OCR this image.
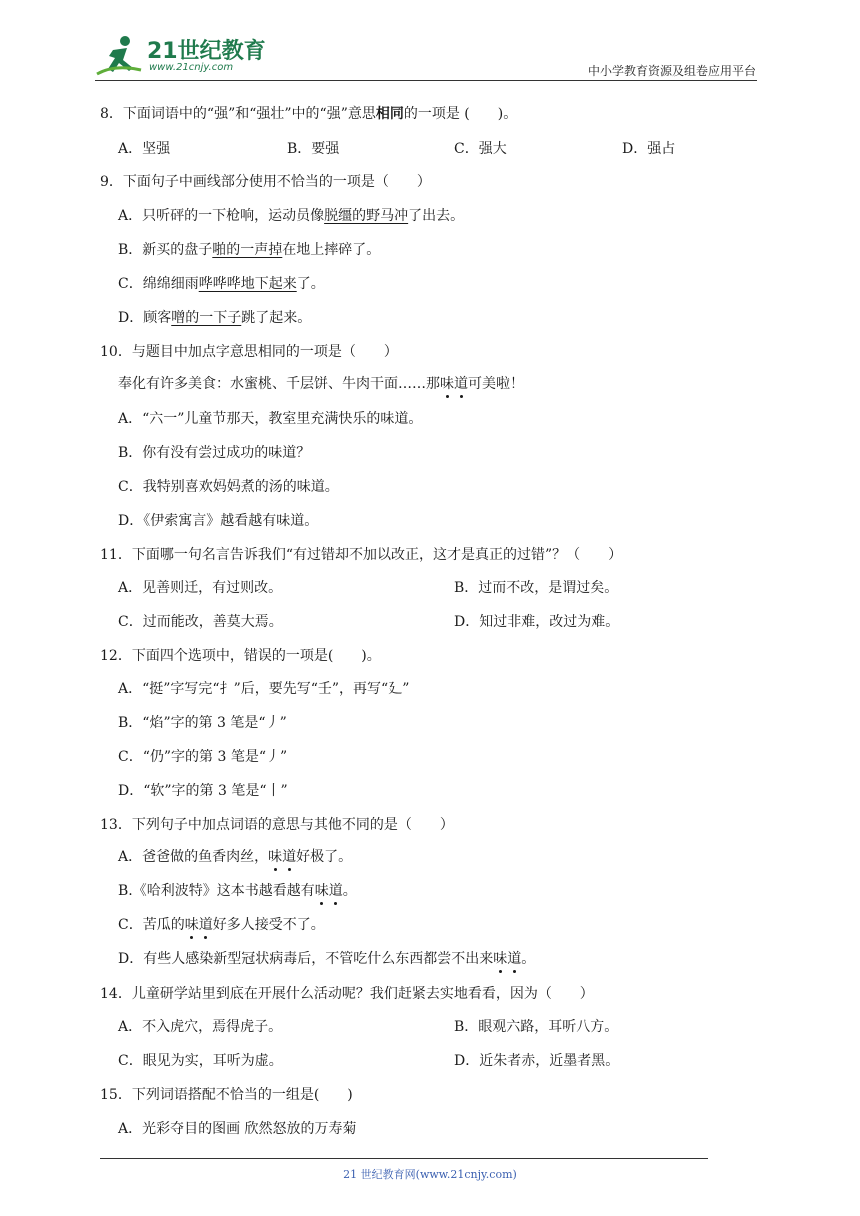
21世纪教育
www.21cnjy.com	中小学教育资源及组卷应用平台
8．下面词语中的“强”和“强壮”中的“强”意思相同的一项是 (　　)。
A．坚强	B．要强	C．强大	D．强占
9．下面句子中画线部分使用不恰当的一项是（　　）
A．只听砰的一下枪响，运动员像脱缰的野马冲了出去。
B．新买的盘子啪的一声掉在地上摔碎了。
C．绵绵细雨哗哗哗地下起来了。
D．顾客噌的一下子跳了起来。
10．与题目中加点字意思相同的一项是（　　）
奉化有许多美食：水蜜桃、千层饼、牛肉干面……那味道可美啦！
A．“六一”儿童节那天，教室里充满快乐的味道。
B．你有没有尝过成功的味道？
C．我特别喜欢妈妈煮的汤的味道。
D．《伊索寓言》越看越有味道。
11．下面哪一句名言告诉我们“有过错却不加以改正，这才是真正的过错”？（　　）
A．见善则迁，有过则改。	B．过而不改，是谓过矣。
C．过而能改，善莫大焉。	D．知过非难，改过为难。
12．下面四个选项中，错误的一项是(　　)。
A．“挺”字写完“扌”后，要先写“壬”，再写“廴”
B．“焰”字的第 3 笔是“丿”
C．“仍”字的第 3 笔是“丿”
D．“软”字的第 3 笔是“丨”
13．下列句子中加点词语的意思与其他不同的是（　　）
A．爸爸做的鱼香肉丝，味道好极了。
B.《哈利波特》这本书越看越有味道。
C．苦瓜的味道好多人接受不了。
D．有些人感染新型冠状病毒后，不管吃什么东西都尝不出来味道。
14．儿童研学站里到底在开展什么活动呢？我们赶紧去实地看看，因为（　　）
A．不入虎穴，焉得虎子。	B．眼观六路，耳听八方。
C．眼见为实，耳听为虚。	D．近朱者赤，近墨者黑。
15．下列词语搭配不恰当的一组是(　　)
A．光彩夺目的图画 欣然怒放的万寿菊
21 世纪教育网(www.21cnjy.com)
